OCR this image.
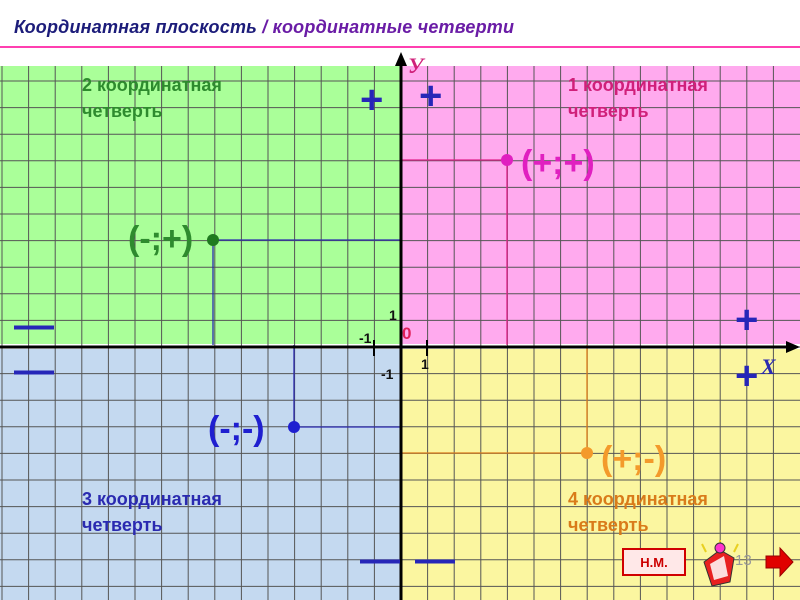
Координатная плоскость / координатные четверти
2 координатная
четверть
1 координатная
четверть
3 координатная
четверть
4 координатная
четверть
+ +
+
+
—
—
— —
(+;+)
(-;+)
(-;-)
(+;-)
У
X
0
1
-1
1
-1
Н.М.	13
